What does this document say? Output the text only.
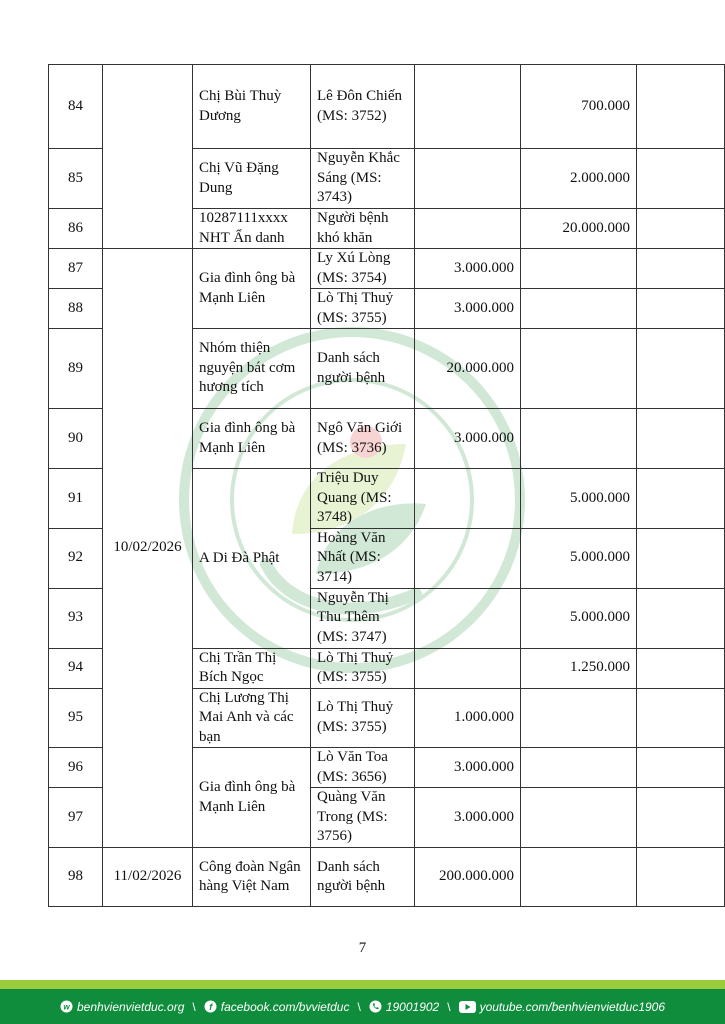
84		Chị Bùi Thuỳ Dương	Lê Đôn Chiến (MS: 3752)		700.000	
85		Chị Vũ Đặng Dung	Nguyễn Khắc Sáng (MS: 3743)		2.000.000	
86		10287111xxxx NHT Ẩn danh	Người bệnh khó khăn		20.000.000	
87	10/02/2026	Gia đình ông bà Mạnh Liên	Ly Xú Lòng (MS: 3754)	3.000.000		
88			Lò Thị Thuỷ (MS: 3755)	3.000.000		
89		Nhóm thiện nguyện bát cơm hương tích	Danh sách người bệnh	20.000.000		
90		Gia đình ông bà Mạnh Liên	Ngô Văn Giới (MS: 3736)	3.000.000		
91		A Di Đà Phật	Triệu Duy Quang (MS: 3748)		5.000.000	
92			Hoàng Văn Nhất (MS: 3714)		5.000.000	
93			Nguyễn Thị Thu Thêm (MS: 3747)		5.000.000	
94		Chị Trần Thị Bích Ngọc	Lò Thị Thuỷ (MS: 3755)		1.250.000	
95		Chị Lương Thị Mai Anh và các bạn	Lò Thị Thuỷ (MS: 3755)	1.000.000		
96		Gia đình ông bà Mạnh Liên	Lò Văn Toa (MS: 3656)	3.000.000		
97			Quàng Văn Trong (MS: 3756)	3.000.000		
98	11/02/2026	Công đoàn Ngân hàng Việt Nam	Danh sách người bệnh	200.000.000		
7
w benhvienvietduc.org \ f facebook.com/bvvietduc \ 19001902 \ youtube.com/benhvienvietduc1906
